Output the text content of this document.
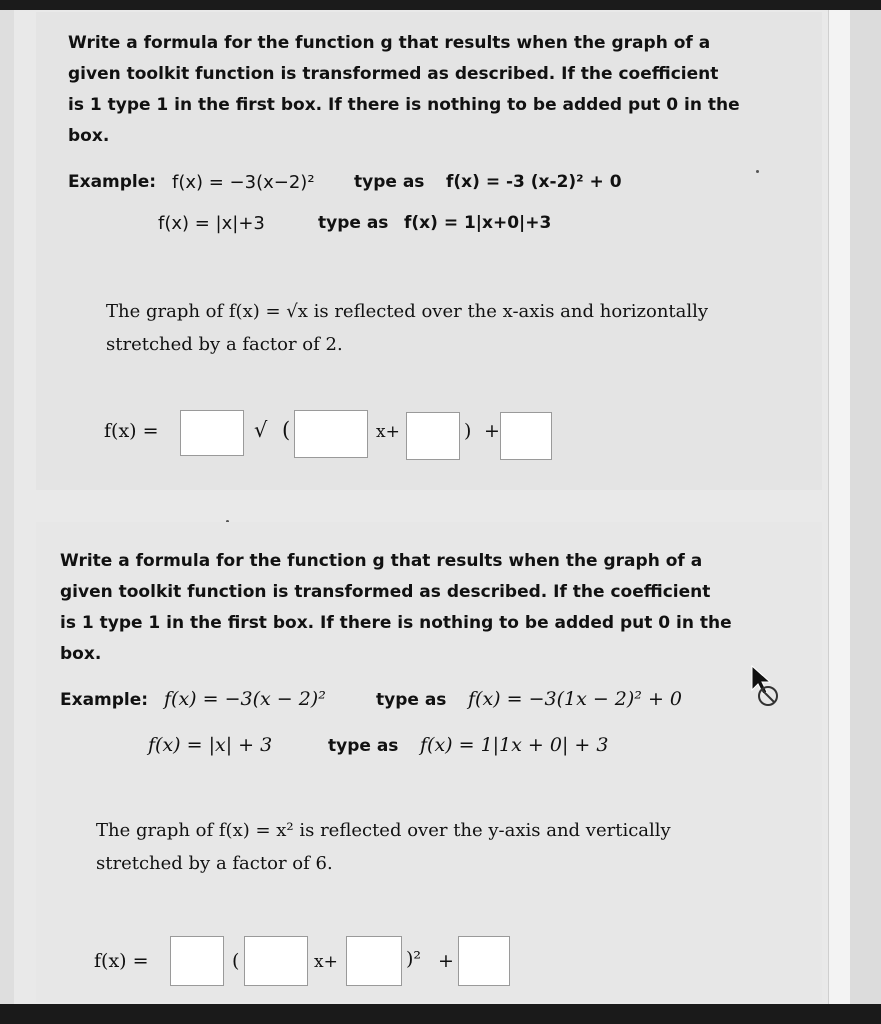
Write a formula for the function g that results when the graph of a
given toolkit function is transformed as described. If the coefficient
is 1 type 1 in the first box. If there is nothing to be added put 0 in the
box.
Example: f(x) = −3(x−2)² type as f(x) = -3 (x-2)² + 0
f(x) = |x|+3	type as f(x) = 1|x+0|+3
The graph of f(x) = √x is reflected over the x-axis and horizontally
stretched by a factor of 2.
f(x) =	√ (	x+	) +
Write a formula for the function g that results when the graph of a
given toolkit function is transformed as described. If the coefficient
is 1 type 1 in the first box. If there is nothing to be added put 0 in the
box.
Example: f(x) = −3(x − 2)²	type as f(x) = −3(1x − 2)² + 0
f(x) = |x| + 3	type as f(x) = 1|1x + 0| + 3
The graph of f(x) = x² is reflected over the y-axis and vertically
stretched by a factor of 6.
f(x) =	(	x+	)² +
